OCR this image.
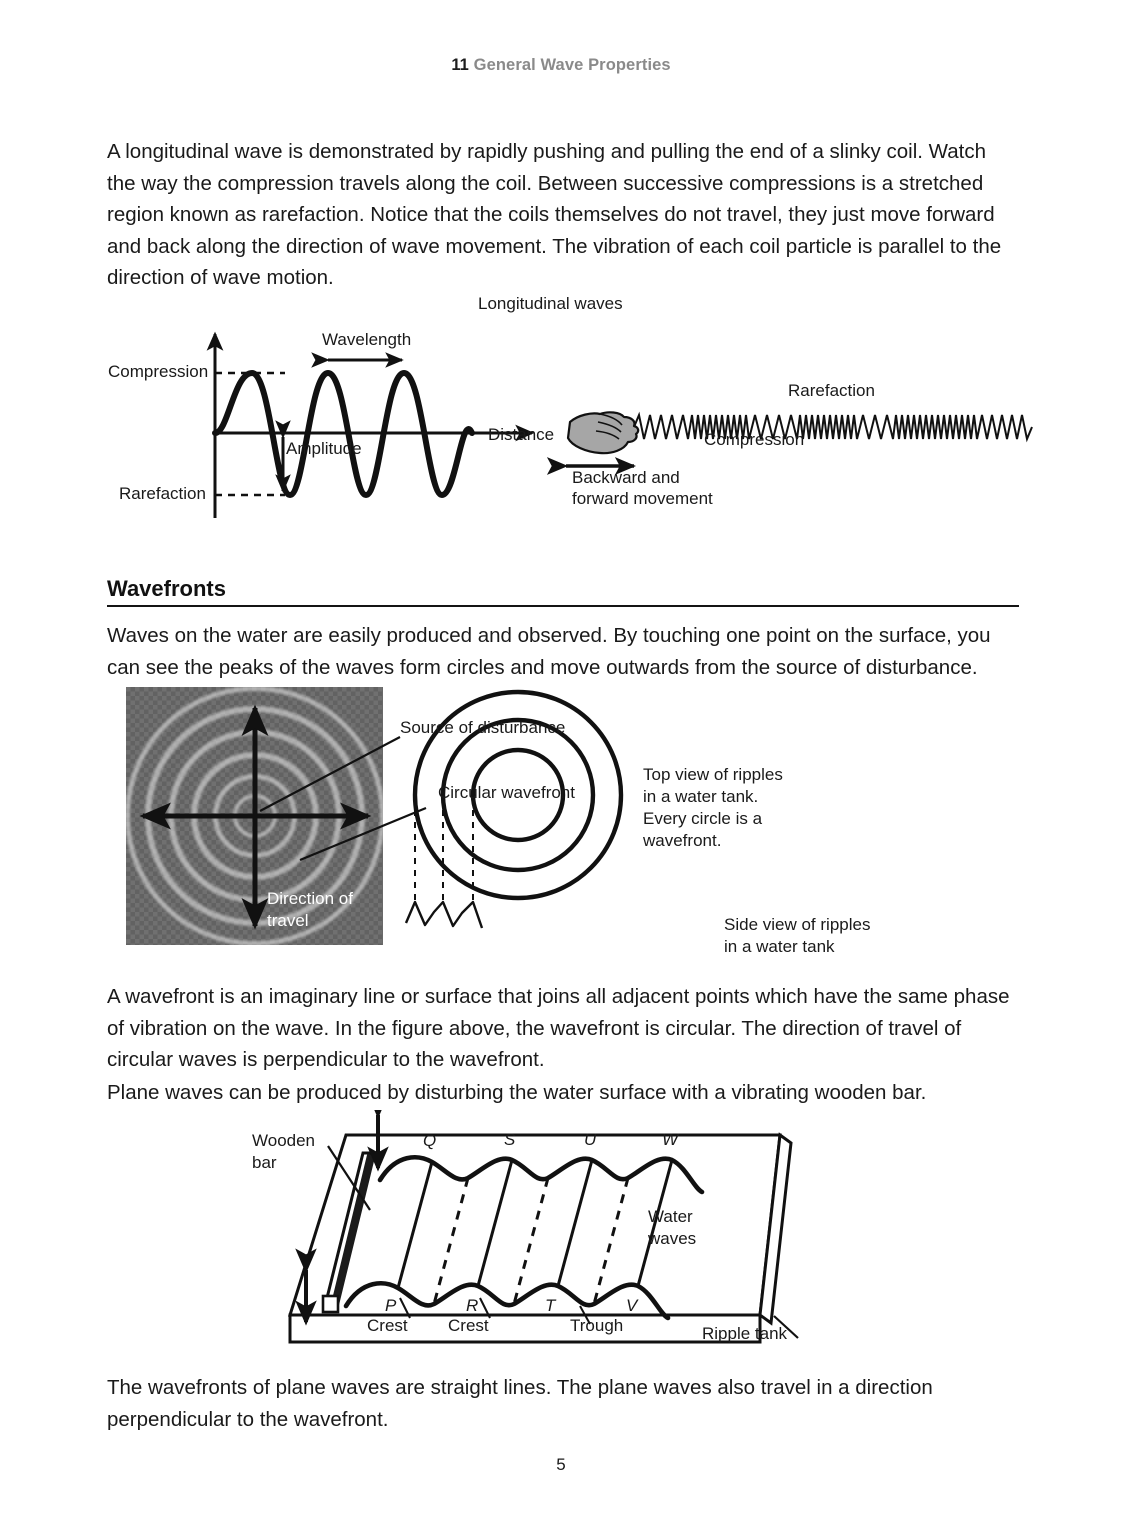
11 General Wave Properties
A longitudinal wave is demonstrated by rapidly pushing and pulling the end of a slinky coil. Watch the way the compression travels along the coil. Between successive compressions is a stretched region known as rarefaction. Notice that the coils themselves do not travel, they just move forward and back along the direction of wave movement. The vibration of each coil particle is parallel to the direction of wave motion.
Longitudinal waves
Compression
Rarefaction
Wavelength
Amplitude
Distance
Rarefaction
Compression
Backward and
forward movement
Wavefronts
Waves on the water are easily produced and observed. By touching one point on the surface, you can see the peaks of the waves form circles and move outwards from the source of disturbance.
Source of disturbance
Circular wavefront
Direction of
travel
Top view of ripples
in a water tank.
Every circle is a
wavefront.
Side view of ripples
in a water tank
A wavefront is an imaginary line or surface that joins all adjacent points which have the same phase of vibration on the wave. In the figure above, the wavefront is circular. The direction of travel of circular waves is perpendicular to the wavefront.
Plane waves can be produced by disturbing the water surface with a vibrating wooden bar.
Wooden
bar
Q	S	U	W
P	R	T	V
Crest Crest	Trough
Water
waves
Ripple tank
The wavefronts of plane waves are straight lines. The plane waves also travel in a direction perpendicular to the wavefront.
5
